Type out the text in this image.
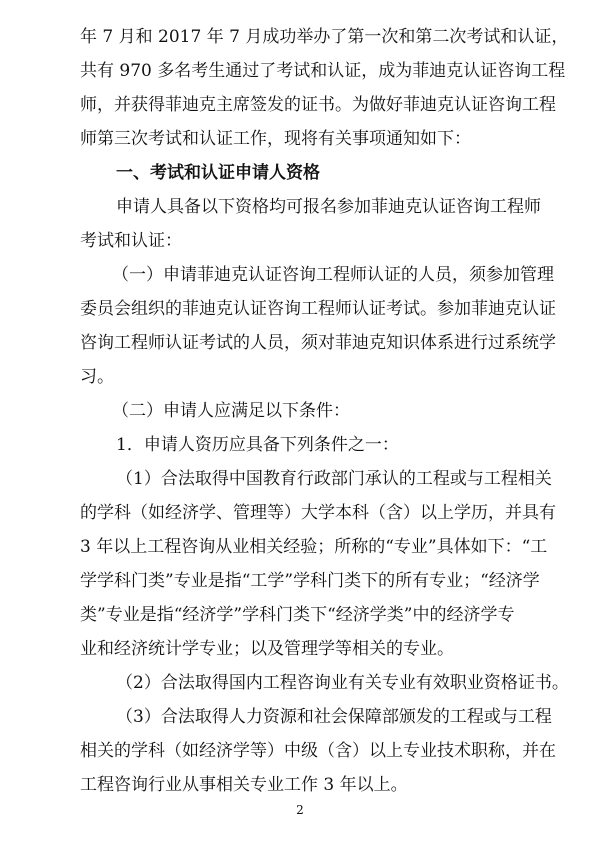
年 7 月和 2017 年 7 月成功举办了第一次和第二次考试和认证，
共有 970 多名考生通过了考试和认证，成为菲迪克认证咨询工程
师，并获得菲迪克主席签发的证书。为做好菲迪克认证咨询工程
师第三次考试和认证工作，现将有关事项通知如下：
一、考试和认证申请人资格
申请人具备以下资格均可报名参加菲迪克认证咨询工程师
考试和认证：
（一）申请菲迪克认证咨询工程师认证的人员，须参加管理
委员会组织的菲迪克认证咨询工程师认证考试。参加菲迪克认证
咨询工程师认证考试的人员，须对菲迪克知识体系进行过系统学
习。
（二）申请人应满足以下条件：
1．申请人资历应具备下列条件之一：
（1）合法取得中国教育行政部门承认的工程或与工程相关
的学科（如经济学、管理等）大学本科（含）以上学历，并具有
3 年以上工程咨询从业相关经验；所称的“专业”具体如下：“工
学学科门类”专业是指“工学”学科门类下的所有专业；“经济学
类”专业是指“经济学”学科门类下“经济学类”中的经济学专
业和经济统计学专业；以及管理学等相关的专业。
（2）合法取得国内工程咨询业有关专业有效职业资格证书。
（3）合法取得人力资源和社会保障部颁发的工程或与工程
相关的学科（如经济学等）中级（含）以上专业技术职称，并在
工程咨询行业从事相关专业工作 3 年以上。
2
